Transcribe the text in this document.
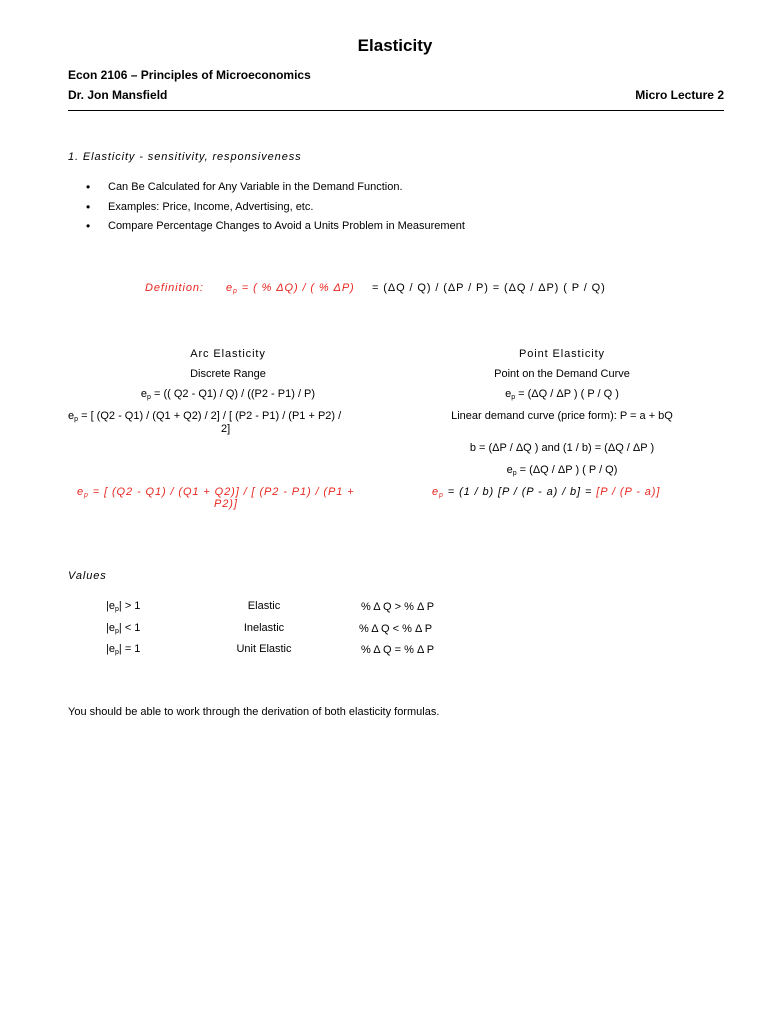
Elasticity
Econ 2106 – Principles of Microeconomics
Dr. Jon Mansfield	Micro Lecture 2
1. Elasticity - sensitivity, responsiveness
• Can Be Calculated for Any Variable in the Demand Function.
• Examples: Price, Income, Advertising, etc.
• Compare Percentage Changes to Avoid a Units Problem in Measurement
Definition: $e_p$ = ( % ΔQ) / ( % ΔP) = (ΔQ / Q) / (ΔP / P) = (ΔQ / ΔP) ( P / Q)
Arc Elasticity
Discrete Range
$e_p$ = (( Q2 - Q1) / Q) / ((P2 - P1) / P)
$e_p$ = [ (Q2 - Q1) / (Q1 + Q2) / 2] / [ (P2 - P1) / (P1 + P2) /
2]
$e_p$ = [ (Q2 - Q1) / (Q1 + Q2)] / [ (P2 - P1) / (P1 +
P2)]
Point Elasticity
Point on the Demand Curve
$e_p = (\Delta Q / \Delta P$ ) ( P / Q )
Linear demand curve (price form): P = a + bQ
b = (ΔP / ΔQ ) and (1 / b) = (ΔQ / ΔP )
$e_p = (\Delta Q / \Delta P$ ) ( P / Q)
$e_p = (1 / b)$ [P / (P - a) / b] = [P / (P - a)]
Values
$|e_p| > 1$	Elastic	% Δ Q > % Δ P
$|e_p| < 1$	Inelastic	% Δ Q < % Δ P
$|e_p| = 1$	Unit Elastic	% Δ Q = % Δ P
You should be able to work through the derivation of both elasticity formulas.
